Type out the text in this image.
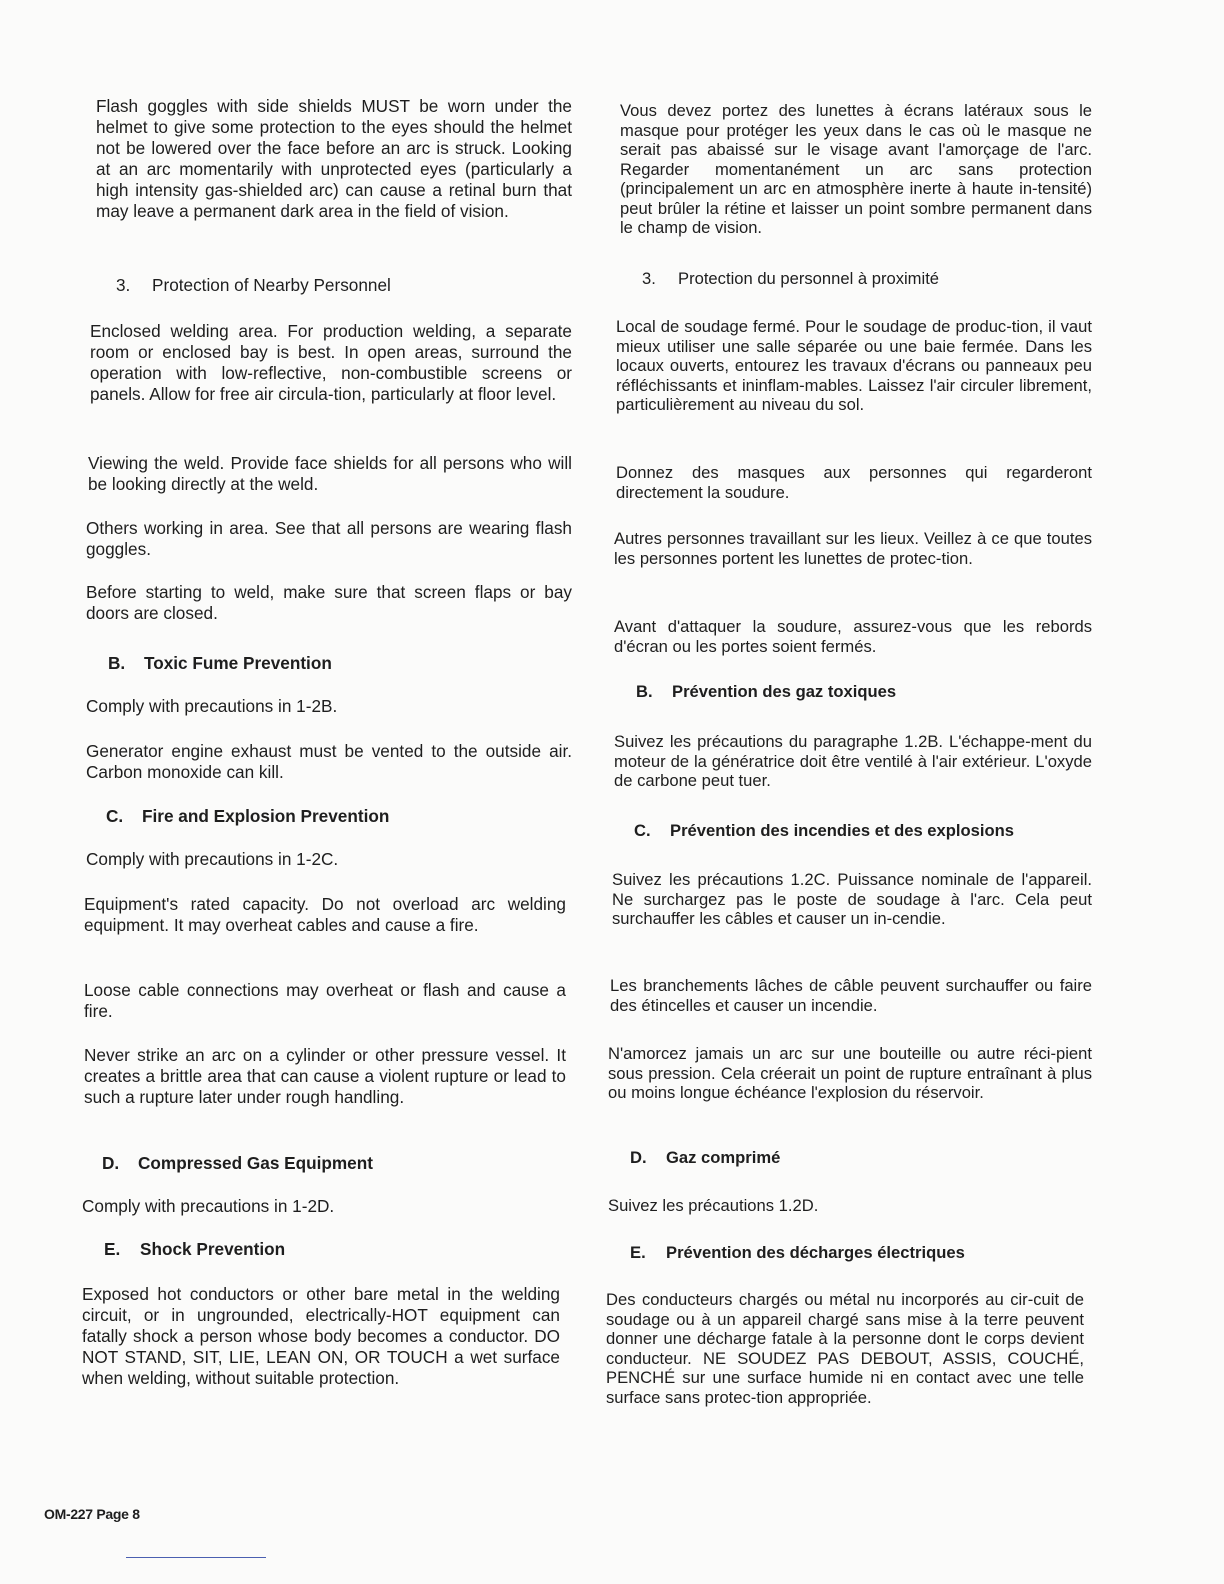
Flash goggles with side shields MUST be worn under the helmet to give some protection to the eyes should the helmet not be lowered over the face before an arc is struck. Looking at an arc momentarily with unprotected eyes (particularly a high intensity gas-shielded arc) can cause a retinal burn that may leave a permanent dark area in the field of vision.
3. Protection of Nearby Personnel
Enclosed welding area. For production welding, a separate room or enclosed bay is best. In open areas, surround the operation with low-reflective, non-combustible screens or panels. Allow for free air circula-tion, particularly at floor level.
Viewing the weld. Provide face shields for all persons who will be looking directly at the weld.
Others working in area. See that all persons are wearing flash goggles.
Before starting to weld, make sure that screen flaps or bay doors are closed.
B. Toxic Fume Prevention
Comply with precautions in 1-2B.
Generator engine exhaust must be vented to the outside air. Carbon monoxide can kill.
C. Fire and Explosion Prevention
Comply with precautions in 1-2C.
Equipment's rated capacity. Do not overload arc welding equipment. It may overheat cables and cause a fire.
Loose cable connections may overheat or flash and cause a fire.
Never strike an arc on a cylinder or other pressure vessel. It creates a brittle area that can cause a violent rupture or lead to such a rupture later under rough handling.
D. Compressed Gas Equipment
Comply with precautions in 1-2D.
E. Shock Prevention
Exposed hot conductors or other bare metal in the welding circuit, or in ungrounded, electrically-HOT equipment can fatally shock a person whose body becomes a conductor. DO NOT STAND, SIT, LIE, LEAN ON, OR TOUCH a wet surface when welding, without suitable protection.
Vous devez portez des lunettes à écrans latéraux sous le masque pour protéger les yeux dans le cas où le masque ne serait pas abaissé sur le visage avant l'amorçage de l'arc. Regarder momentanément un arc sans protection (principalement un arc en atmosphère inerte à haute in-tensité) peut brûler la rétine et laisser un point sombre permanent dans le champ de vision.
3. Protection du personnel à proximité
Local de soudage fermé. Pour le soudage de produc-tion, il vaut mieux utiliser une salle séparée ou une baie fermée. Dans les locaux ouverts, entourez les travaux d'écrans ou panneaux peu réfléchissants et ininflam-mables. Laissez l'air circuler librement, particulièrement au niveau du sol.
Donnez des masques aux personnes qui regarderont directement la soudure.
Autres personnes travaillant sur les lieux. Veillez à ce que toutes les personnes portent les lunettes de protec-tion.
Avant d'attaquer la soudure, assurez-vous que les rebords d'écran ou les portes soient fermés.
B. Prévention des gaz toxiques
Suivez les précautions du paragraphe 1.2B. L'échappe-ment du moteur de la génératrice doit être ventilé à l'air extérieur. L'oxyde de carbone peut tuer.
C. Prévention des incendies et des explosions
Suivez les précautions 1.2C. Puissance nominale de l'appareil. Ne surchargez pas le poste de soudage à l'arc. Cela peut surchauffer les câbles et causer un in-cendie.
Les branchements lâches de câble peuvent surchauffer ou faire des étincelles et causer un incendie.
N'amorcez jamais un arc sur une bouteille ou autre réci-pient sous pression. Cela créerait un point de rupture entraînant à plus ou moins longue échéance l'explosion du réservoir.
D. Gaz comprimé
Suivez les précautions 1.2D.
E. Prévention des décharges électriques
Des conducteurs chargés ou métal nu incorporés au cir-cuit de soudage ou à un appareil chargé sans mise à la terre peuvent donner une décharge fatale à la personne dont le corps devient conducteur. NE SOUDEZ PAS DEBOUT, ASSIS, COUCHÉ, PENCHÉ sur une surface humide ni en contact avec une telle surface sans protec-tion appropriée.
OM-227 Page 8
